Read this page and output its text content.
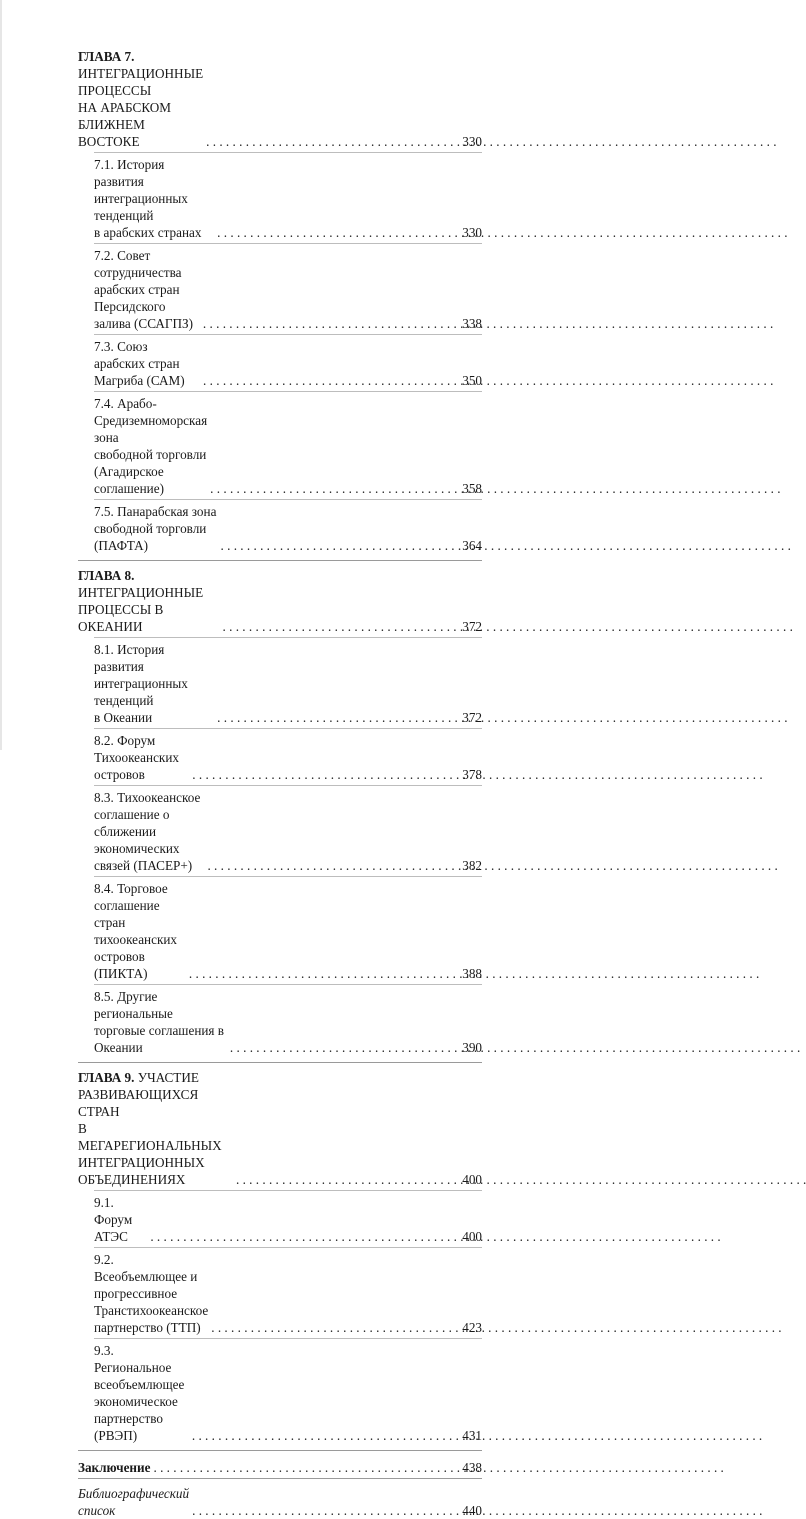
ГЛАВА 7. ИНТЕГРАЦИОННЫЕ ПРОЦЕССЫ
НА АРАБСКОМ БЛИЖНЕМ ВОСТОКЕ . . .	330
7.1. История развития интеграционных тенденций
в арабских странах . . .	330
7.2. Совет сотрудничества арабских стран
Персидского залива (ССАГПЗ) . . .	338
7.3. Союз арабских стран Магриба (САМ) . . .	350
7.4. Арабо-Средиземноморская зона
свободной торговли (Агадирское соглашение) . . .	358
7.5. Панарабская зона свободной торговли (ПАФТА) . . .	364
ГЛАВА 8. ИНТЕГРАЦИОННЫЕ ПРОЦЕССЫ В ОКЕАНИИ . . .	372
8.1. История развития интеграционных тенденций
в Океании . . .	372
8.2. Форум Тихоокеанских островов . . .	378
8.3. Тихоокеанское соглашение о сближении
экономических связей (ПАСЕР+) . . .	382
8.4. Торговое соглашение стран
тихоокеанских островов (ПИКТА) . . .	388
8.5. Другие региональные торговые соглашения в Океании . . .	390
ГЛАВА 9. УЧАСТИЕ РАЗВИВАЮЩИХСЯ СТРАН
В МЕГАРЕГИОНАЛЬНЫХ ИНТЕГРАЦИОННЫХ ОБЪЕДИНЕНИЯХ . . .	400
9.1. Форум АТЭС . . .	400
9.2. Всеобъемлющее и прогрессивное
Транстихоокеанское партнерство (ТТП) . . .	423
9.3. Региональное всеобъемлющее
экономическое партнерство (РВЭП) . . .	431
Заключение . . .	438
Библиографический список . . .	440
